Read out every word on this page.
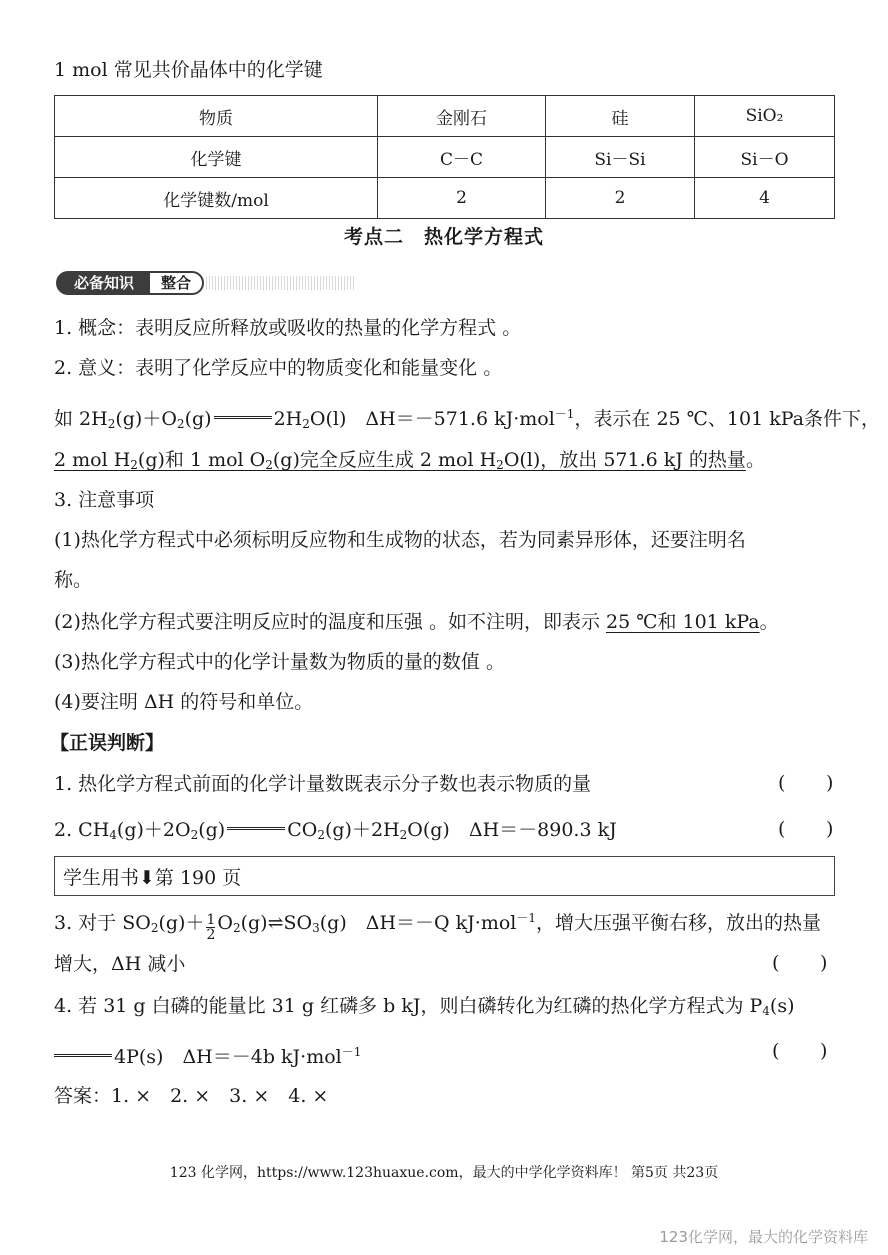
1 mol 常见共价晶体中的化学键
物质	金刚石	硅	SiO₂
化学键	C－C	Si－Si	Si－O
化学键数/mol	2	2	4
考点二　热化学方程式
必备知识	整合
1. 概念：表明反应所释放或吸收的热量的化学方程式 。
2. 意义：表明了化学反应中的物质变化和能量变化 。
如 $2H_2(g)+O_2(g)$	$2H_2O(l)$　ΔH＝－571.6 kJ·mol$^{-1}$，表示在 25 ℃、101 kPa条件下，
2 mol $H_2(g)$和 1 mol $O_2(g)$完全反应生成 2 mol $H_2O(l)$，放出 571.6 kJ 的热量。
3. 注意事项
(1)热化学方程式中必须标明反应物和生成物的状态，若为同素异形体，还要注明名
称。
(2)热化学方程式要注明反应时的温度和压强 。如不注明，即表示 25 ℃和 101 kPa。
(3)热化学方程式中的化学计量数为物质的量的数值 。
(4)要注明 ΔH 的符号和单位。
【正误判断】
1. 热化学方程式前面的化学计量数既表示分子数也表示物质的量	( )
2. $CH_4(g)+2O_2(g)$	$CO_2(g)+2H_2O(g)$　ΔH＝－890.3 kJ	( )
学生用书⬇第 190 页
3. 对于 $SO_2(g)+ \frac{1}{2}$ $O_2(g)\rightleftharpoons SO_3(g)$　ΔH＝－Q kJ·mol$^{-1}$，增大压强平衡右移，放出的热量
增大，ΔH 减小	( )
4. 若 31 g 白磷的能量比 31 g 红磷多 b kJ，则白磷转化为红磷的热化学方程式为 $P_4(s)$
4P(s)　ΔH＝－4b kJ·mol$^{-1}$	( )
答案：1. ×　2. ×　3. ×　4. ×
123 化学网，https://www.123huaxue.com，最大的中学化学资料库！ 第5页 共23页
123化学网，最大的化学资料库
